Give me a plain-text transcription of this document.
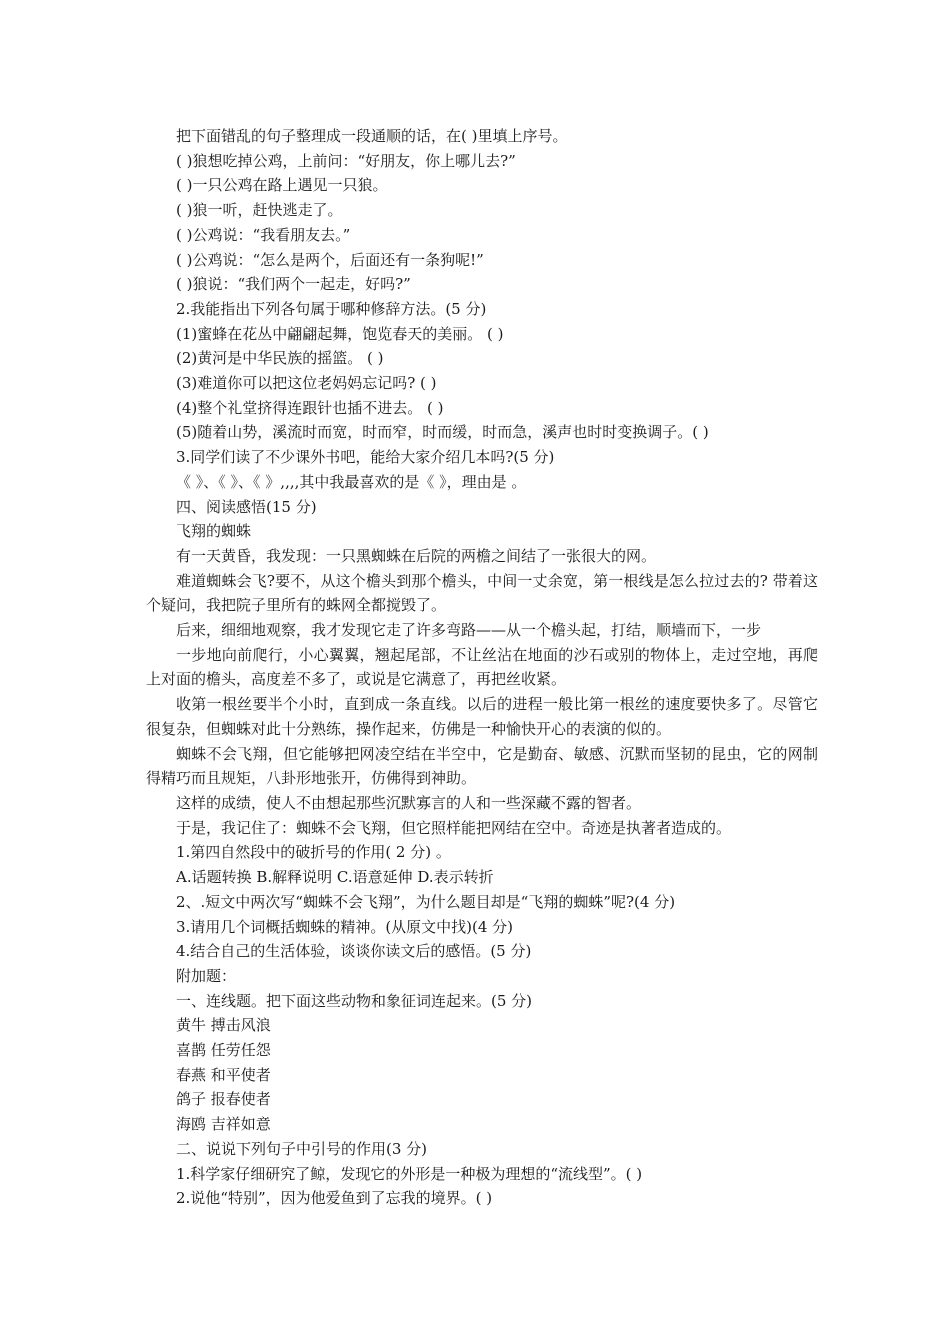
把下面错乱的句子整理成一段通顺的话，在( )里填上序号。

( )狼想吃掉公鸡，上前问：“好朋友，你上哪儿去?”

( )一只公鸡在路上遇见一只狼。

( )狼一听，赶快逃走了。

( )公鸡说：“我看朋友去。”

( )公鸡说：“怎么是两个，后面还有一条狗呢!”

( )狼说：“我们两个一起走，好吗?”

2.我能指出下列各句属于哪种修辞方法。(5 分)

(1)蜜蜂在花丛中翩翩起舞，饱览春天的美丽。 ( )

(2)黄河是中华民族的摇篮。 ( )

(3)难道你可以把这位老妈妈忘记吗? ( )

(4)整个礼堂挤得连跟针也插不进去。 ( )

(5)随着山势，溪流时而宽，时而窄，时而缓，时而急，溪声也时时变换调子。( )

3.同学们读了不少课外书吧，能给大家介绍几本吗?(5 分)

《 》、《 》、《 》,,,,其中我最喜欢的是《 》，理由是 。

四、阅读感悟(15 分)

飞翔的蜘蛛

有一天黄昏，我发现：一只黑蜘蛛在后院的两檐之间结了一张很大的网。

难道蜘蛛会飞?要不，从这个檐头到那个檐头，中间一丈余宽，第一根线是怎么拉过去的? 带着这个疑问，我把院子里所有的蛛网全都搅毁了。

后来，细细地观察，我才发现它走了许多弯路——从一个檐头起，打结，顺墙而下，一步

一步地向前爬行，小心翼翼，翘起尾部，不让丝沾在地面的沙石或别的物体上，走过空地，再爬上对面的檐头，高度差不多了，或说是它满意了，再把丝收紧。

收第一根丝要半个小时，直到成一条直线。以后的进程一般比第一根丝的速度要快多了。尽管它很复杂，但蜘蛛对此十分熟练，操作起来，仿佛是一种愉快开心的表演的似的。

蜘蛛不会飞翔，但它能够把网凌空结在半空中，它是勤奋、敏感、沉默而坚韧的昆虫，它的网制得精巧而且规矩，八卦形地张开，仿佛得到神助。

这样的成绩，使人不由想起那些沉默寡言的人和一些深藏不露的智者。

于是，我记住了：蜘蛛不会飞翔，但它照样能把网结在空中。奇迹是执著者造成的。

1.第四自然段中的破折号的作用( 2 分) 。

A.话题转换 B.解释说明 C.语意延伸 D.表示转折

2、.短文中两次写“蜘蛛不会飞翔”，为什么题目却是“飞翔的蜘蛛”呢?(4 分)

3.请用几个词概括蜘蛛的精神。(从原文中找)(4 分)

4.结合自己的生活体验，谈谈你读文后的感悟。(5 分)

附加题：

一、连线题。把下面这些动物和象征词连起来。(5 分)

黄牛 搏击风浪

喜鹊 任劳任怨

春燕 和平使者

鸽子 报春使者

海鸥 吉祥如意

二、说说下列句子中引号的作用(3 分)

1.科学家仔细研究了鲸，发现它的外形是一种极为理想的“流线型”。( )

2.说他“特别”，因为他爱鱼到了忘我的境界。( )
